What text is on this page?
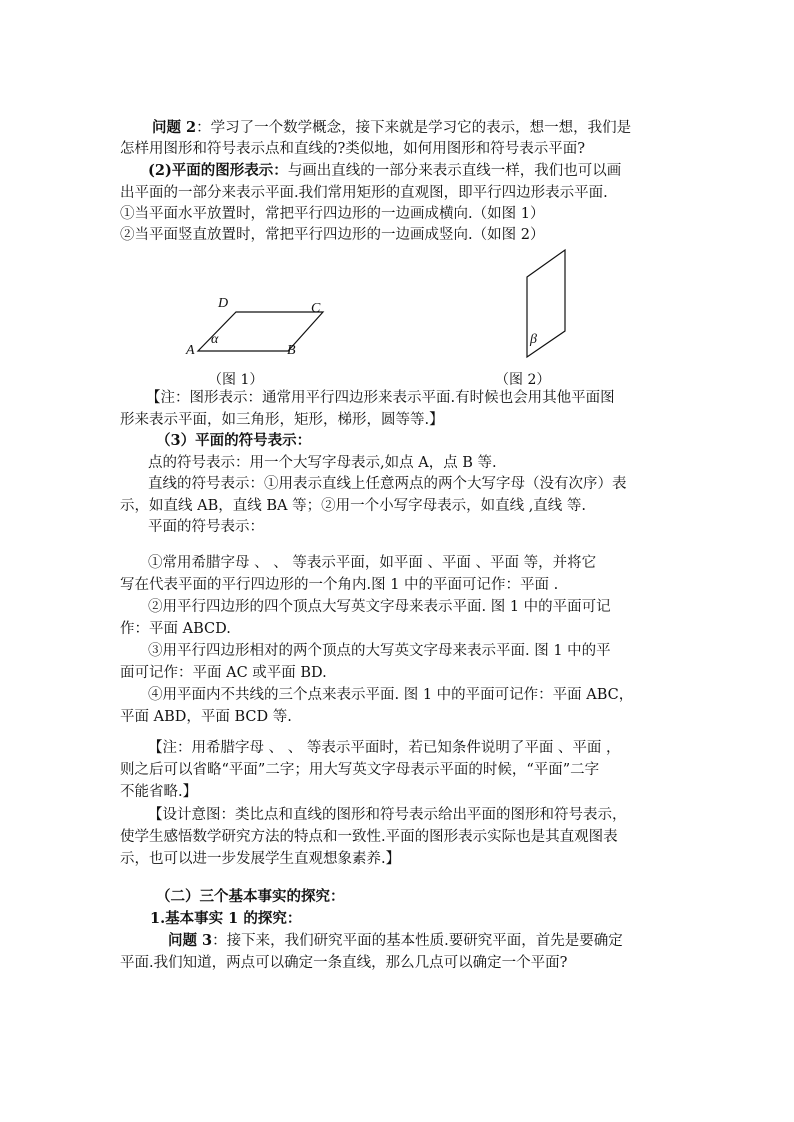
问题 2：学习了一个数学概念，接下来就是学习它的表示，想一想，我们是
怎样用图形和符号表示点和直线的?类似地，如何用图形和符号表示平面?
(2)平面的图形表示：与画出直线的一部分来表示直线一样，我们也可以画
出平面的一部分来表示平面.我们常用矩形的直观图，即平行四边形表示平面.
①当平面水平放置时，常把平行四边形的一边画成横向.（如图 1）
②当平面竖直放置时，常把平行四边形的一边画成竖向.（如图 2）
D	C
A	B
α	β
（图 1）	（图 2）
【注：图形表示：通常用平行四边形来表示平面.有时候也会用其他平面图
形来表示平面，如三角形，矩形，梯形，圆等等.】
（3）平面的符号表示：
点的符号表示：用一个大写字母表示,如点 A，点 B 等.
直线的符号表示：①用表示直线上任意两点的两个大写字母（没有次序）表
示，如直线 AB，直线 BA 等；②用一个小写字母表示，如直线 ,直线 等.
平面的符号表示：
①常用希腊字母 、 、 等表示平面，如平面 、平面 、平面 等，并将它
写在代表平面的平行四边形的一个角内.图 1 中的平面可记作：平面 .
②用平行四边形的四个顶点大写英文字母来表示平面. 图 1 中的平面可记
作：平面 ABCD.
③用平行四边形相对的两个顶点的大写英文字母来表示平面. 图 1 中的平
面可记作：平面 AC 或平面 BD.
④用平面内不共线的三个点来表示平面. 图 1 中的平面可记作：平面 ABC，
平面 ABD，平面 BCD 等.
【注：用希腊字母 、 、 等表示平面时，若已知条件说明了平面 、平面 ，
则之后可以省略“平面”二字；用大写英文字母表示平面的时候，“平面”二字
不能省略.】
【设计意图：类比点和直线的图形和符号表示给出平面的图形和符号表示，
使学生感悟数学研究方法的特点和一致性.平面的图形表示实际也是其直观图表
示，也可以进一步发展学生直观想象素养.】
（二）三个基本事实的探究：
1.基本事实 1 的探究：
问题 3：接下来，我们研究平面的基本性质.要研究平面，首先是要确定
平面.我们知道，两点可以确定一条直线，那么几点可以确定一个平面?
